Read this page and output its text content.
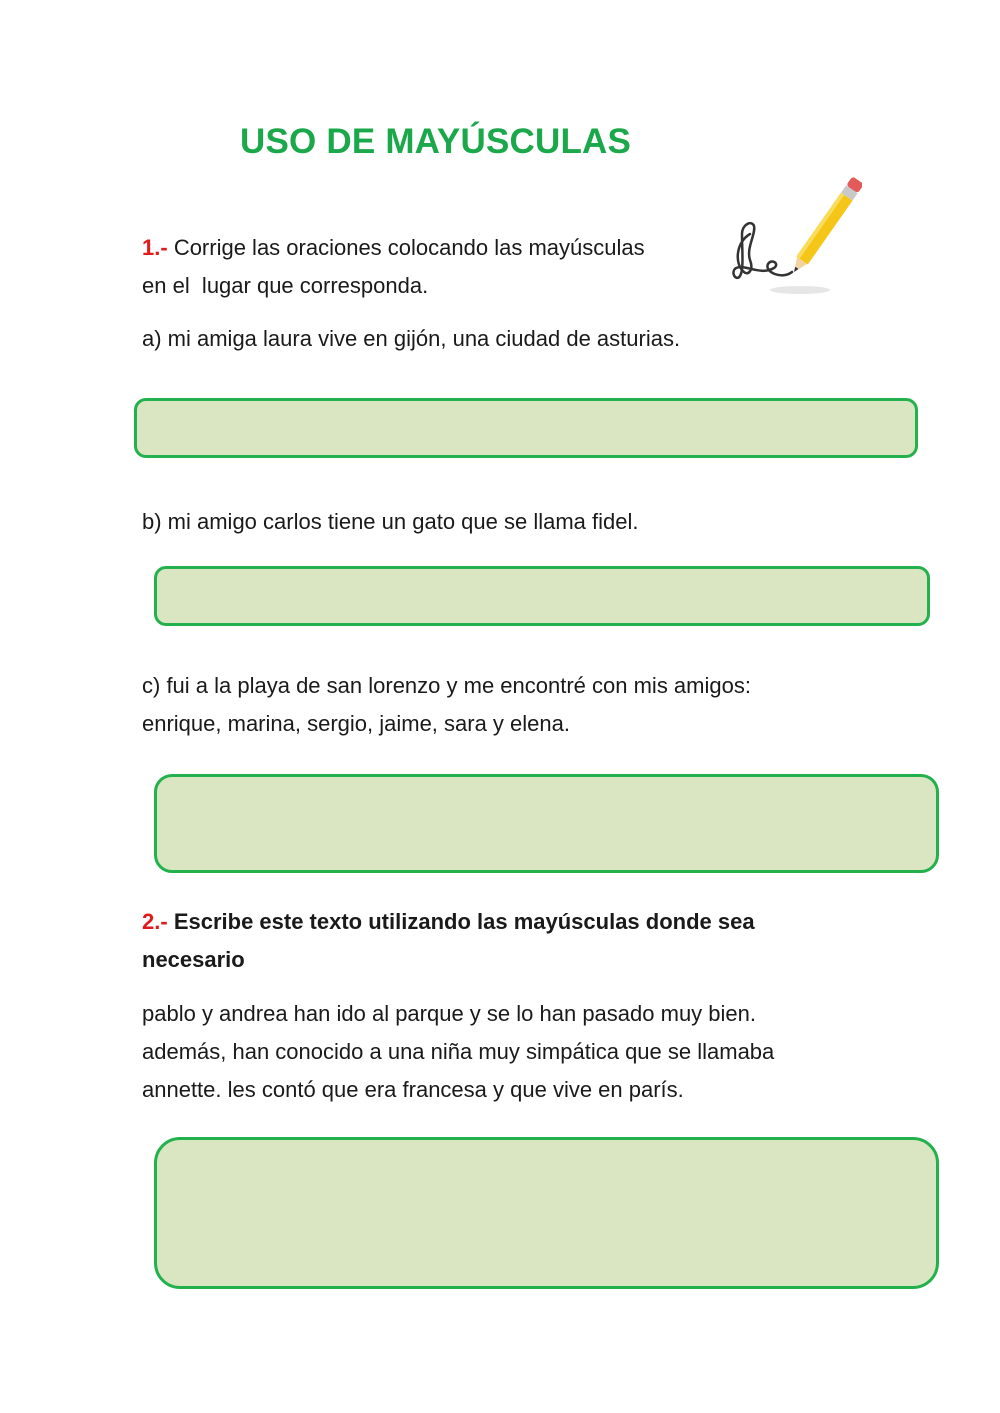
USO DE MAYÚSCULAS
1.- Corrige las oraciones colocando las mayúsculas
en el  lugar que corresponda.
a) mi amiga laura vive en gijón, una ciudad de asturias.
b) mi amigo carlos tiene un gato que se llama fidel.
c) fui a la playa de san lorenzo y me encontré con mis amigos:
enrique, marina, sergio, jaime, sara y elena.
2.- Escribe este texto utilizando las mayúsculas donde sea
necesario
pablo y andrea han ido al parque y se lo han pasado muy bien.
además, han conocido a una niña muy simpática que se llamaba
annette. les contó que era francesa y que vive en parís.
